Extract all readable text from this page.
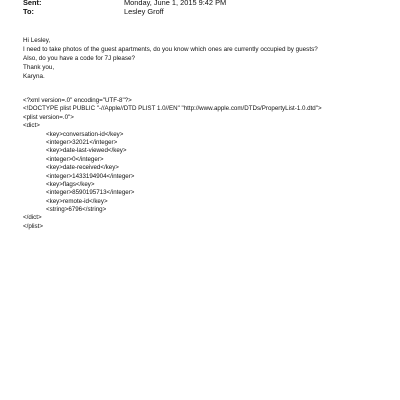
Sent:	Monday, June 1, 2015 9:42 PM
To:	Lesley Groff
Hi Lesley,
I need to take photos of the guest apartments, do you know which ones are currently occupied by guests?
Also, do you have a code for 7J please?
Thank you,
Karyna.
<?xml version=.0" encoding="UTF-8"?>
<!DOCTYPE plist PUBLIC "-//Apple//DTD PLIST 1.0//EN" "http://www.apple.com/DTDs/PropertyList-1.0.dtd">
<plist version=.0">
<dict>
<key>conversation-id</key>
<integer>32021</integer>
<key>date-last-viewed</key>
<integer>0</integer>
<key>date-received</key>
<integer>1433194904</integer>
<key>flags</key>
<integer>8590195713</integer>
<key>remote-id</key>
<string>6796</string>
</dict>
</plist>
